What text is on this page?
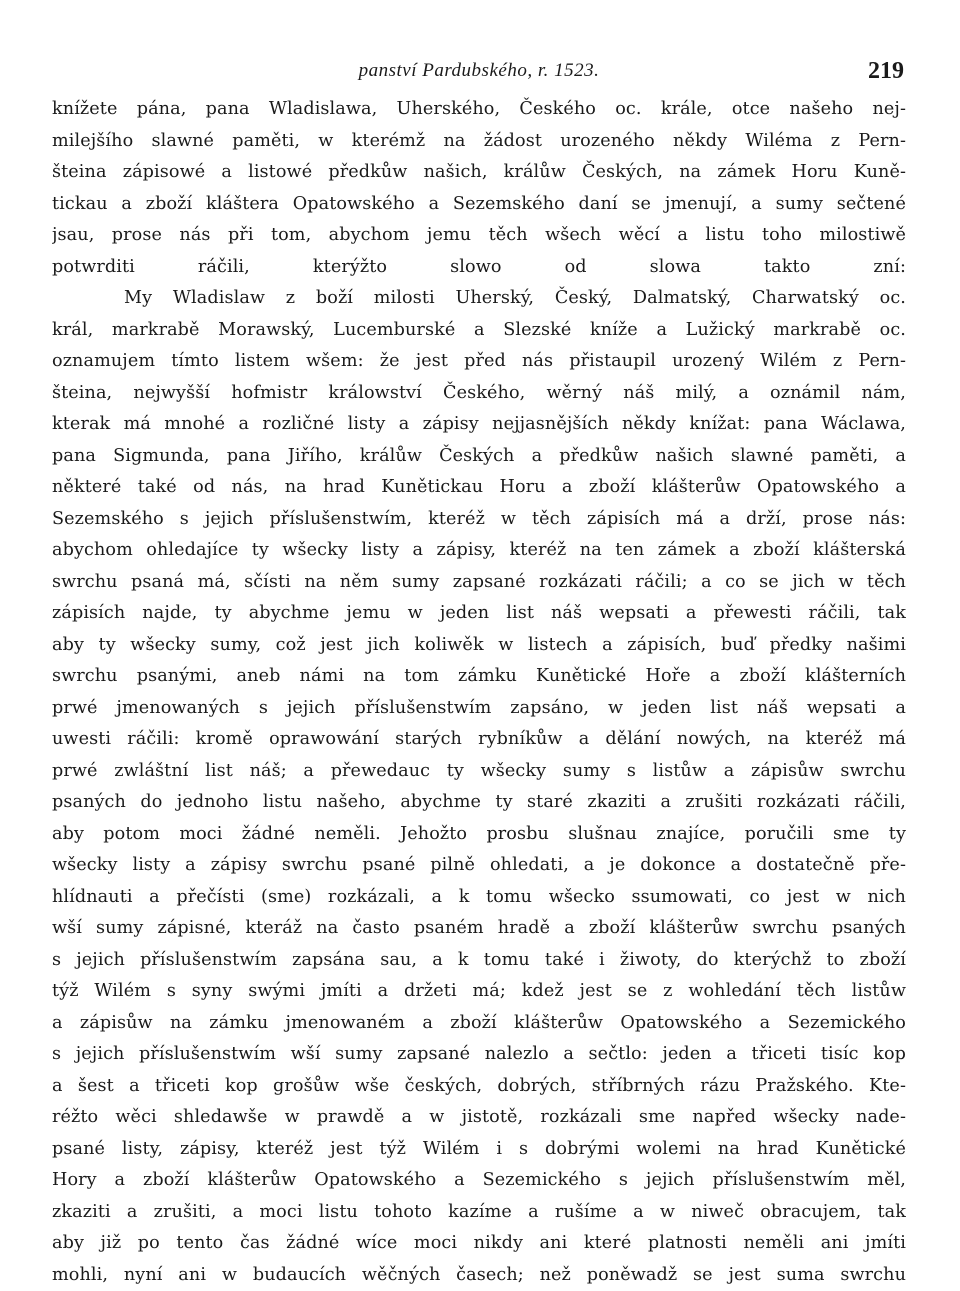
panství Pardubského, r. 1523.	219
knížete pána, pana Wladislawa, Uherského, Českého oc. krále, otce našeho nej-
milejšího slawné paměti, w kterémž na žádost urozeného někdy Wiléma z Pern-
šteina zápisowé a listowé předkůw našich, králůw Českých, na zámek Horu Kuně-
tickau a zboží kláštera Opatowského a Sezemského daní se jmenují, a sumy sečtené
jsau, prose nás při tom, abychom jemu těch wšech wěcí a listu toho milostiwě
potwrditi ráčili, kterýžto slowo od slowa takto zní:
My Wladislaw z boží milosti Uherský, Český, Dalmatský, Charwatský oc.
král, markrabě Morawský, Lucemburské a Slezské kníže a Lužický markrabě oc.
oznamujem tímto listem wšem: že jest před nás přistaupil urozený Wilém z Pern-
šteina, nejwyšší hofmistr králowství Českého, wěrný náš milý, a oznámil nám,
kterak má mnohé a rozličné listy a zápisy nejjasnějších někdy knížat: pana Wáclawa,
pana Sigmunda, pana Jiřího, králůw Českých a předkůw našich slawné paměti, a
některé také od nás, na hrad Kunětickau Horu a zboží klášterůw Opatowského a
Sezemského s jejich příslušenstwím, kteréž w těch zápisích má a drží, prose nás:
abychom ohledajíce ty wšecky listy a zápisy, kteréž na ten zámek a zboží klášterská
swrchu psaná má, sčísti na něm sumy zapsané rozkázati ráčili; a co se jich w těch
zápisích najde, ty abychme jemu w jeden list náš wepsati a přewesti ráčili, tak
aby ty wšecky sumy, což jest jich koliwěk w listech a zápisích, buď předky našimi
swrchu psanými, aneb námi na tom zámku Kunětické Hoře a zboží klášterních
prwé jmenowaných s jejich příslušenstwím zapsáno, w jeden list náš wepsati a
uwesti ráčili: kromě oprawowání starých rybníkůw a dělání nowých, na kteréž má
prwé zwláštní list náš; a přewedauc ty wšecky sumy s listůw a zápisůw swrchu
psaných do jednoho listu našeho, abychme ty staré zkaziti a zrušiti rozkázati ráčili,
aby potom moci žádné neměli. Jehožto prosbu slušnau znajíce, poručili sme ty
wšecky listy a zápisy swrchu psané pilně ohledati, a je dokonce a dostatečně pře-
hlídnauti a přečísti (sme) rozkázali, a k tomu wšecko ssumowati, co jest w nich
wší sumy zápisné, kteráž na často psaném hradě a zboží klášterůw swrchu psaných
s jejich příslušenstwím zapsána sau, a k tomu také i žiwoty, do kterýchž to zboží
týž Wilém s syny swými jmíti a držeti má; kdež jest se z wohledání těch listůw
a zápisůw na zámku jmenowaném a zboží klášterůw Opatowského a Sezemického
s jejich příslušenstwím wší sumy zapsané nalezlo a sečtlo: jeden a třiceti tisíc kop
a šest a třiceti kop grošůw wše českých, dobrých, stříbrných rázu Pražského. Kte-
réžto wěci shledawše w prawdě a w jistotě, rozkázali sme napřed wšecky nade-
psané listy, zápisy, kteréž jest týž Wilém i s dobrými wolemi na hrad Kunětické
Hory a zboží klášterůw Opatowského a Sezemického s jejich příslušenstwím měl,
zkaziti a zrušiti, a moci listu tohoto kazíme a rušíme a w niweč obracujem, tak
aby již po tento čas žádné wíce moci nikdy ani které platnosti neměli ani jmíti
mohli, nyní ani w budaucích wěčných časech; než poněwadž se jest suma swrchu
